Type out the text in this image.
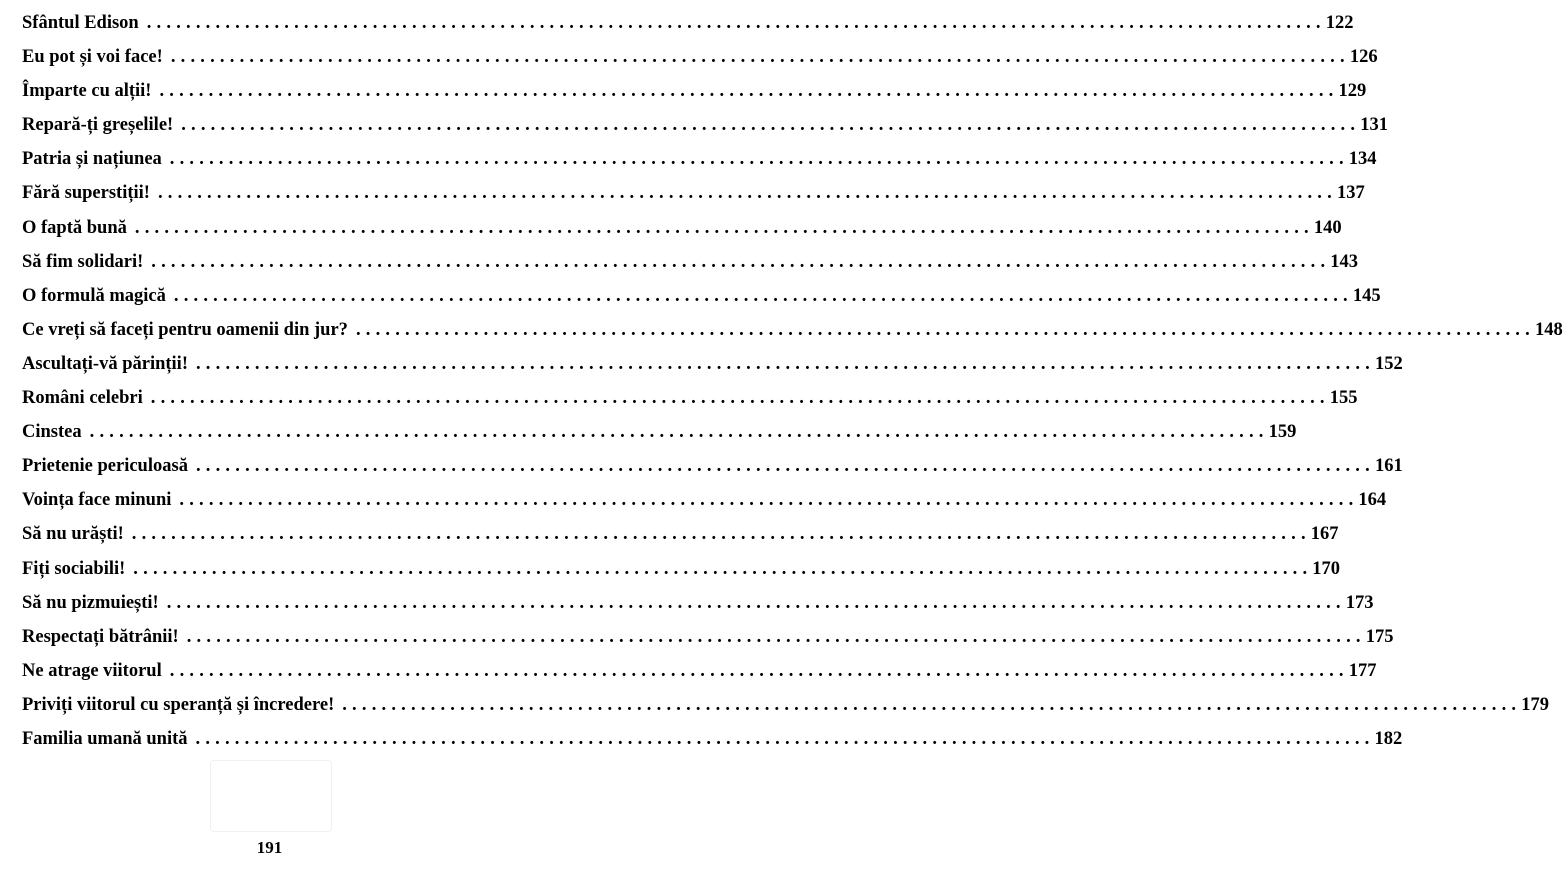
Sfântul Edison ........................................................................................................................ 122
Eu pot și voi face! ........................................................................................................................ 126
Împarte cu alții! ........................................................................................................................ 129
Repară-ți greșelile! ........................................................................................................................ 131
Patria și națiunea ........................................................................................................................ 134
Fără superstiții! ........................................................................................................................ 137
O faptă bună ........................................................................................................................ 140
Să fim solidari! ........................................................................................................................ 143
O formulă magică ........................................................................................................................ 145
Ce vreți să faceți pentru oamenii din jur? ........................................................................................................................ 148
Ascultați-vă părinții! ........................................................................................................................ 152
Români celebri ........................................................................................................................ 155
Cinstea ........................................................................................................................ 159
Prietenie periculoasă ........................................................................................................................ 161
Voința face minuni ........................................................................................................................ 164
Să nu urăști! ........................................................................................................................ 167
Fiți sociabili! ........................................................................................................................ 170
Să nu pizmuiești! ........................................................................................................................ 173
Respectați bătrânii! ........................................................................................................................ 175
Ne atrage viitorul ........................................................................................................................ 177
Priviți viitorul cu speranță și încredere! ........................................................................................................................ 179
Familia umană unită ........................................................................................................................ 182
191
